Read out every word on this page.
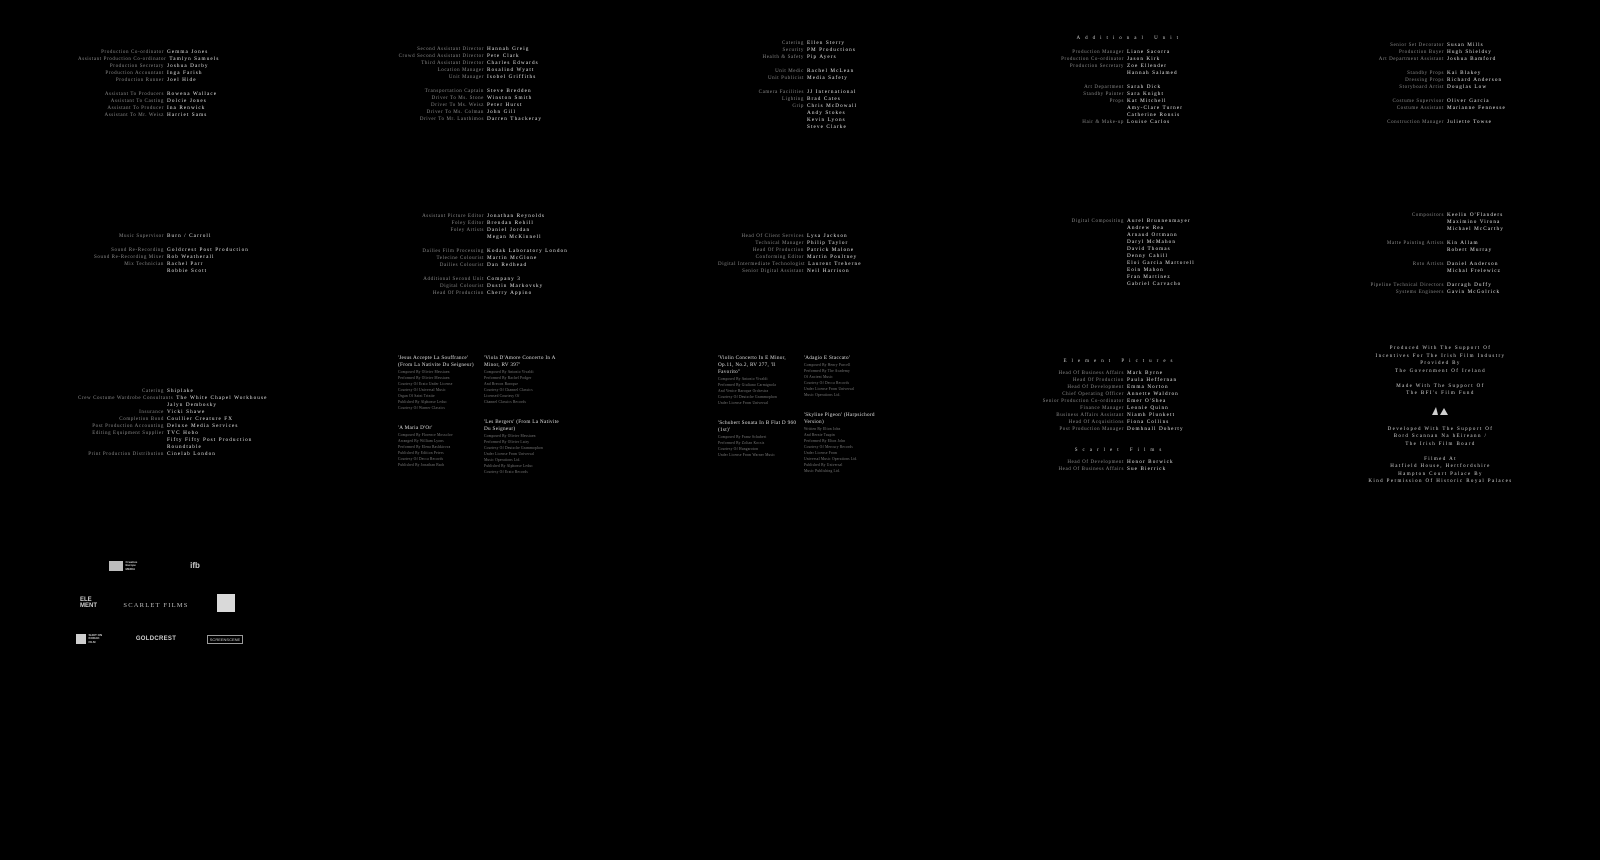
Production Co-ordinator Gemma Jones
Assistant Production Co-ordinator Tamlyn Samuels
Production Secretary Joshua Darby
Production Accountant Inga Farish
Production Runner Joel Hide
Assistant To Producers Rowena Wallace
Assistant To Casting Dolcie Jones
Assistant To Producer Ina Renwick
Assistant To Mr. Weisz Harriet Sams
Second Assistant Director Hannah Greig
Crowd Second Assistant Director Pete Clark
Third Assistant Director Charles Edwards
Location Manager Rosalind Wyatt
Unit Manager Isobel Griffiths
Transportation Captain Steve Bredden
Driver To Ms. Stone Winston Smith
Driver To Ms. Weisz Peter Hurst
Driver To Ms. Colman John Gill
Driver To Mr. Lanthimos Darren Thackeray
Catering Ellen Sterry
Security PM Productions
Health & Safety Pip Ayers
Unit Medic Rachel McLean
Unit Publicist Media Safety
Camera Facilities JJ International
Lighting Brad Cates
Grip Chris McDowall
Andy Stokes
Kevin Lyons
Steve Clarke
Additional Unit

Production Manager Liane Sacorra
Production Co-ordinator Jason Kirk
Production Secretary Zoe Ellender
Hannah Salamed
Art Department Sarah Dick
Standby Painter Sara Knight
Props Kat Mitchell
Amy-Clare Turner
Catherine Ronsis
Hair & Make-up Louise Carlos
Senior Set Decorator Susan Mills
Production Buyer Hugh Shieldsy
Art Department Assistant Joshua Bamford
Standby Props Kai Blakey
Dressing Props Richard Anderson
Storyboard Artist Douglas Low
Costume Supervisor Oliver Garcia
Costume Assistant Marianne Fennesse
Construction Manager Juliette Towse
Music Supervisor Burn / Carroll
Sound Re-Recording Goldcrest Post Production
Sound Re-Recording Mixer Rob Weatherall
Mix Technician Rachel Parr
Robbie Scott
Assistant Picture Editor Jonathan Reynolds
Foley Editor Brendan Rehill
Foley Artists Daniel Jordan
Megan McKinnell
Dailies Film Processing Kodak Laboratory London
Telecine Colourist Martin McGlone
Dailies Colourist Dan Redhead
Additional Second Unit Company 3
Digital Colourist Dustin Markovsky
Head Of Production Cherry Appino
Head Of Client Services Lysa Jackson
Technical Manager Philip Taylor
Head Of Production Patrick Malone
Conforming Editor Martin Poultney
Digital Intermediate Technologist Laurent Treherne
Senior Digital Assistant Neil Harrison
Digital Compositing Aurel Brunnenmayer
Andrew Rea
Arnaud Ortmann
Daryl McMahon
David Thomas
Denny Cahill
Eloi Garcia Martorell
Eoin Mahon
Fran Martinez
Gabriel Carvacho
Compositors Keelin O'Flanders
Maximino Virona
Michael McCarthy
Matte Painting Artists Kin Allam
Robert Murray
Roto Artists Daniel Anderson
Michal Frelewicz
Pipeline Technical Directors Darragh Duffy
Systems Engineers Gavin McGolrick
Catering Shiplake
Crew Costume Wardrobe Consultants The White Chapel Workhouse
Jalyn Dembosky
Insurance Vicki Shawe
Completion Bond Coullier Creature FX
Post Production Accounting Deluxe Media Services
Editing Equipment Supplier TVC Hobo
Fifty Fifty Post Production
Roundtable
Print Production Distribution Cinelab London
'Jesus Accepte La Souffrance' (From La Nativite Du Seigneur)
Composed By Olivier Messiaen
Performed By Olivier Messiaen
Courtesy Of Erato Under License
Courtesy Of Universal Music
Organ Of Saint Trinite
Published By Alphonse Leduc
Courtesy Of Warner Classics
'A Maria D'Or'
Composed By Florence Mossolov
Arranged By William Lyons
Performed By Elena Bashkirova
Published By Edition Peters
Courtesy Of Decca Records
Published By Jonathan Bach
'Viola D'Amore Concerto In A Minor, RV 397'
Composed By Antonio Vivaldi
Performed By Rachel Podger
And Brecon Baroque
Courtesy Of Channel Classics
Licensed Courtesy Of
Channel Classics Records
'Les Bergers' (From La Nativite Du Seigneur)
Composed By Olivier Messiaen
Performed By Olivier Latry
Courtesy Of Deutsche Grammophon
Under License From Universal
Music Operations Ltd.
Published By Alphonse Leduc
Courtesy Of Erato Records
'Violin Concerto In E Minor, Op.11, No.2, RV 277, 'Il Favorito''
Composed By Antonio Vivaldi
Performed By Giuliano Carmignola
And Venice Baroque Orchestra
Courtesy Of Deutsche Grammophon
Under License From Universal
'Schubert Sonata In B Flat D 960 (1st)'
Composed By Franz Schubert
Performed By Zoltan Kocsis
Courtesy Of Hungaroton
Under License From Warner Music
'Adagio E Staccato'
Composed By Henry Purcell
Performed By The Academy
Of Ancient Music
Courtesy Of Decca Records
Under License From Universal
Music Operations Ltd.
'Skyline Pigeon' (Harpsichord Version)
Written By Elton John
And Bernie Taupin
Performed By Elton John
Courtesy Of Mercury Records
Under License From
Universal Music Operations Ltd.
Published By Universal
Music Publishing Ltd.
Element Pictures
Head Of Business Affairs Mark Byrne
Head Of Production Paula Heffernan
Head Of Development Emma Norton
Chief Operating Officer Annette Waldron
Senior Production Co-ordinator Emer O'Shea
Finance Manager Leonie Quinn
Business Affairs Assistant Niamh Plunkett
Head Of Acquisitions Fiona Collins
Post Production Manager Domhnall Doherty
Scarlet Films
Head Of Development Honor Borwick
Head Of Business Affairs Sue Bierrick
Produced With The Support Of
Incentives For The Irish Film Industry
Provided By
The Government Of Ireland

Made With The Support Of
The BFI's Film Fund
Developed With The Support Of
Bord Scannan Na hEireann /
The Irish Film Board

Filmed At
Hatfield House, Hertfordshire
Hampton Court Palace By
Kind Permission Of Historic Royal Palaces
Creative Europe MEDIA	ifb
ELE MENT	SCARLET FILMS
SHOT ON KODAK FILM	GOLDCREST	SCREENSCENE
